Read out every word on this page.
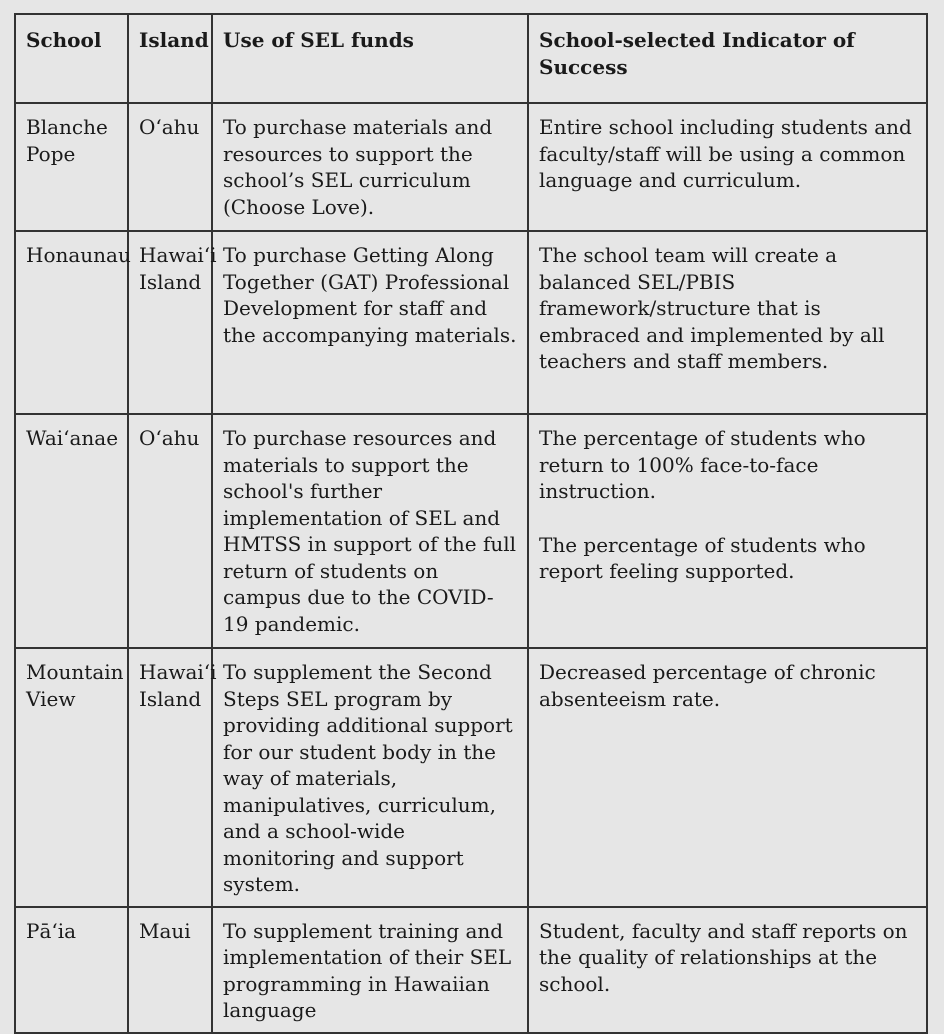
School	Island	Use of SEL funds	School-selected Indicator of Success
Blanche Pope	Oʻahu	To purchase materials and resources to support the school’s SEL curriculum (Choose Love).	Entire school including students and faculty/staff will be using a common language and curriculum.

Honaunau	Hawaiʻi Island	To purchase Getting Along Together (GAT) Professional Development for staff and the accompanying materials.	The school team will create a balanced SEL/PBIS framework/structure that is embraced and implemented by all teachers and staff members.

Waiʻanae	Oʻahu	To purchase resources and materials to support the school's further implementation of SEL and HMTSS in support of the full return of students on campus due to the COVID-19 pandemic.	The percentage of students who return to 100% face-to-face instruction.
The percentage of students who report feeling supported.

Mountain View	Hawaiʻi Island	To supplement the Second Steps SEL program by providing additional support for our student body in the way of materials, manipulatives, curriculum, and a school-wide monitoring and support system.	Decreased percentage of chronic absenteeism rate.

Pāʻia	Maui	To supplement training and implementation of their SEL programming in Hawaiian language	Student, faculty and staff reports on the quality of relationships at the school.
